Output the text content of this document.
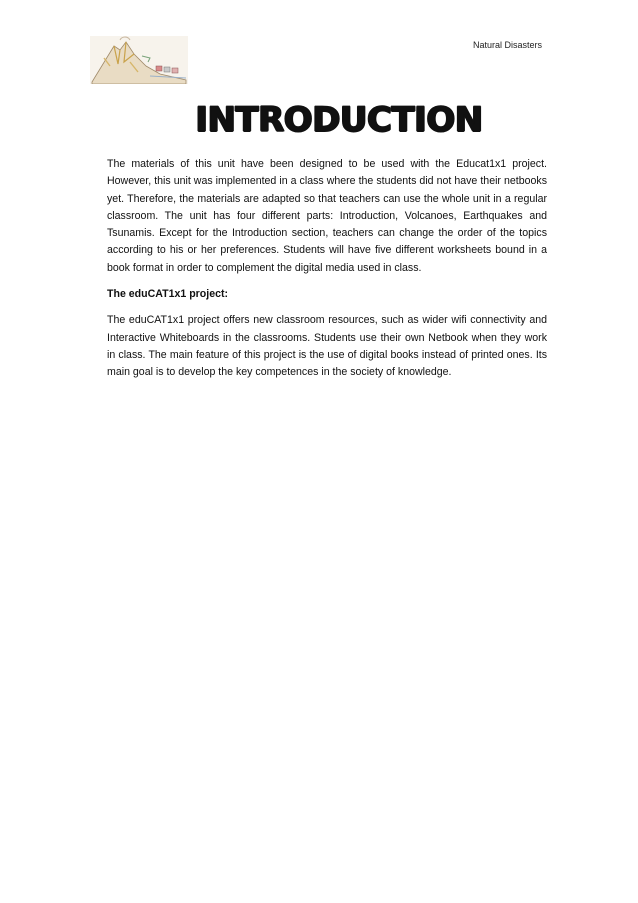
Natural Disasters
INTRODUCTION

The materials of this unit have been designed to be used with the Educat1x1 project. However, this unit was implemented in a class where the students did not have their netbooks yet. Therefore, the materials are adapted so that teachers can use the whole unit in a regular classroom. The unit has four different parts: Introduction, Volcanoes, Earthquakes and Tsunamis. Except for the Introduction section, teachers can change the order of the topics according to his or her preferences. Students will have five different worksheets bound in a book format in order to complement the digital media used in class.

The eduCAT1x1 project:

The eduCAT1x1 project offers new classroom resources, such as wider wifi connectivity and Interactive Whiteboards in the classrooms. Students use their own Netbook when they work in class. The main feature of this project is the use of digital books instead of printed ones. Its main goal is to develop the key competences in the society of knowledge.
